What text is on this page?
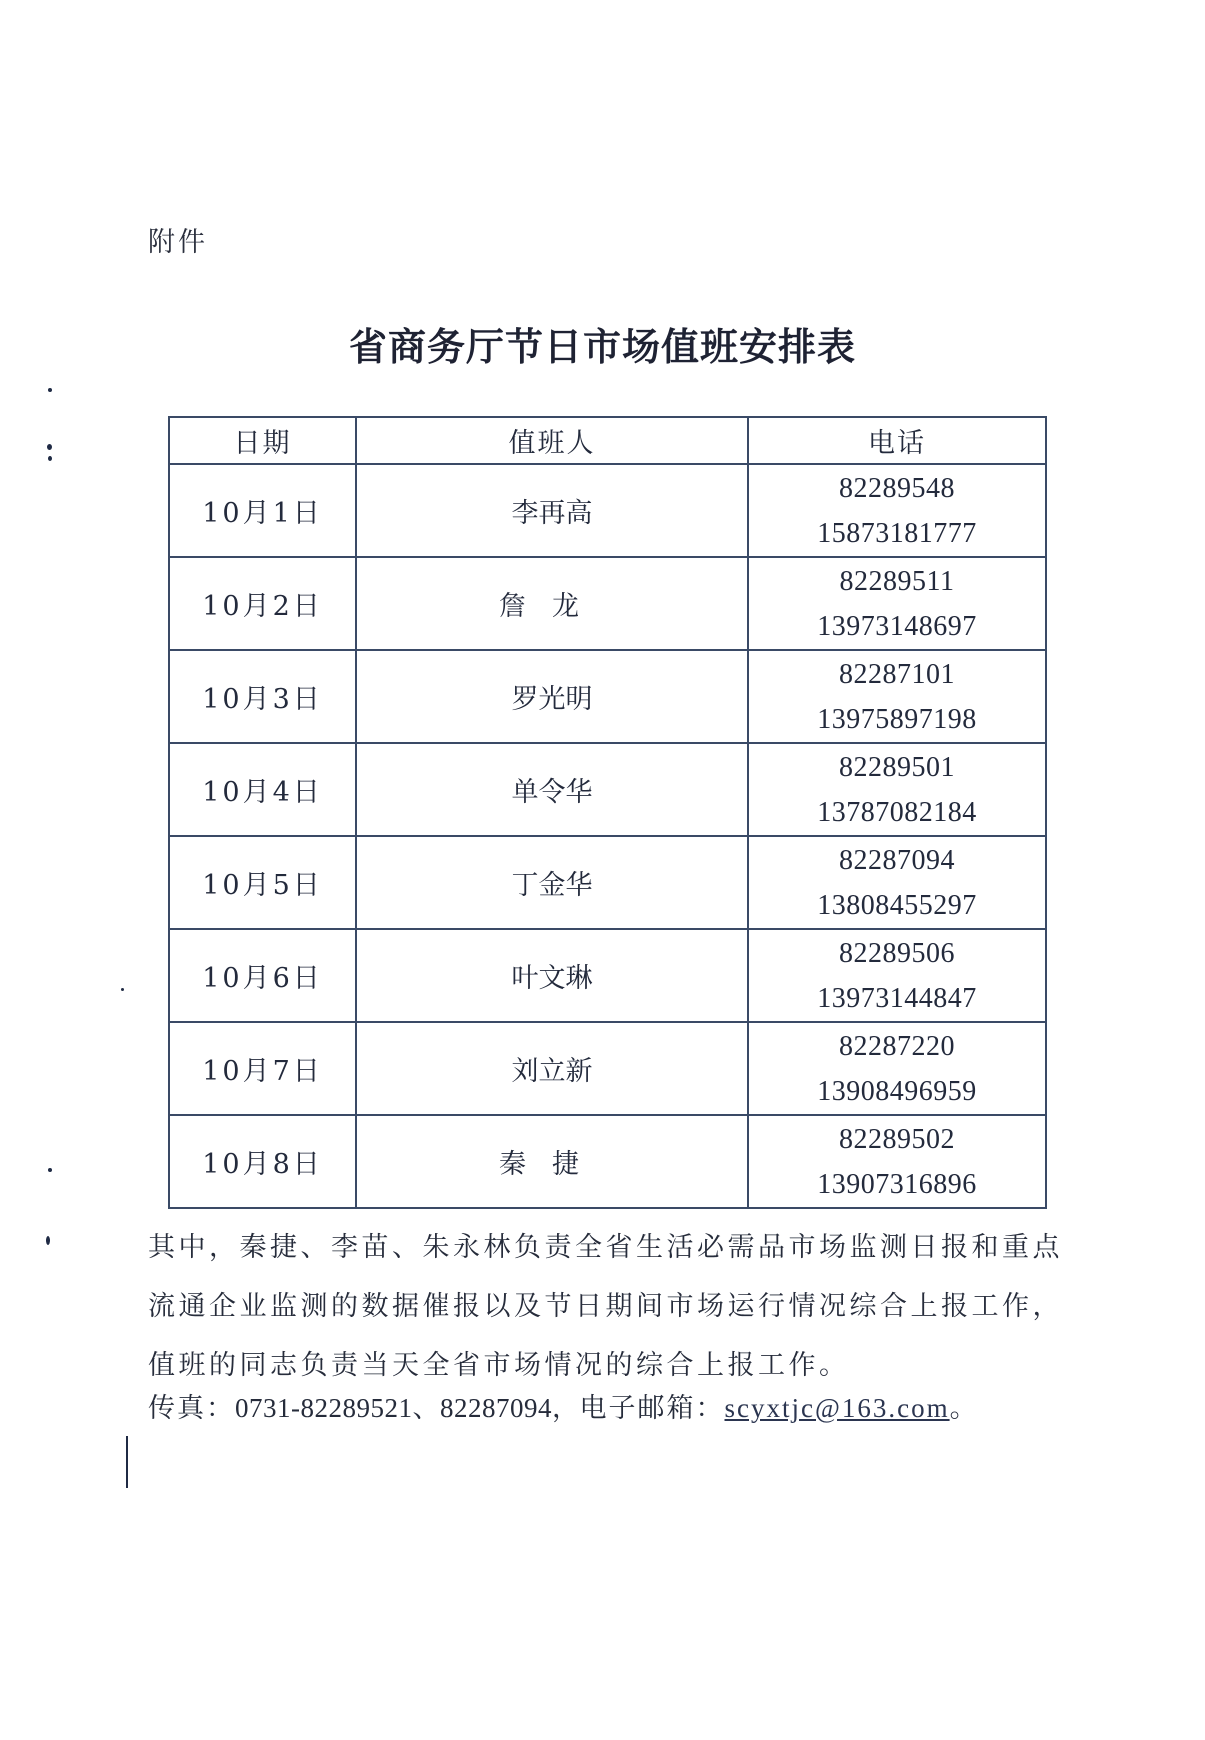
附件
省商务厅节日市场值班安排表
日期	值班人	电话
10月1日	李再高	82289548
15873181777

10月2日	詹龙	82289511
13973148697

10月3日	罗光明	82287101
13975897198

10月4日	单令华	82289501
13787082184

10月5日	丁金华	82287094
13808455297

10月6日	叶文琳	82289506
13973144847

10月7日	刘立新	82287220
13908496959

10月8日	秦捷	82289502
13907316896
其中，秦捷、李苗、朱永林负责全省生活必需品市场监测日报和重点流通企业监测的数据催报以及节日期间市场运行情况综合上报工作，值班的同志负责当天全省市场情况的综合上报工作。
传真：0731-82289521、82287094，电子邮箱：scyxtjc@163.com。
